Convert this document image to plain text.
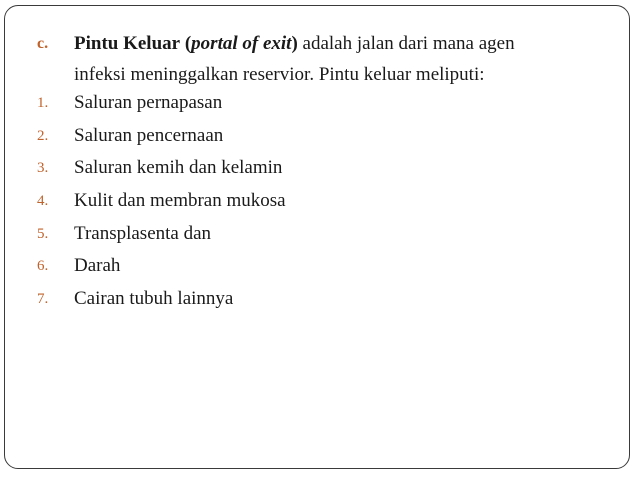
c. Pintu Keluar (portal of exit) adalah jalan dari mana agen
infeksi meninggalkan reservior. Pintu keluar meliputi:
1. Saluran pernapasan
2. Saluran pencernaan
3. Saluran kemih dan kelamin
4. Kulit dan membran mukosa
5. Transplasenta dan
6. Darah
7. Cairan tubuh lainnya
